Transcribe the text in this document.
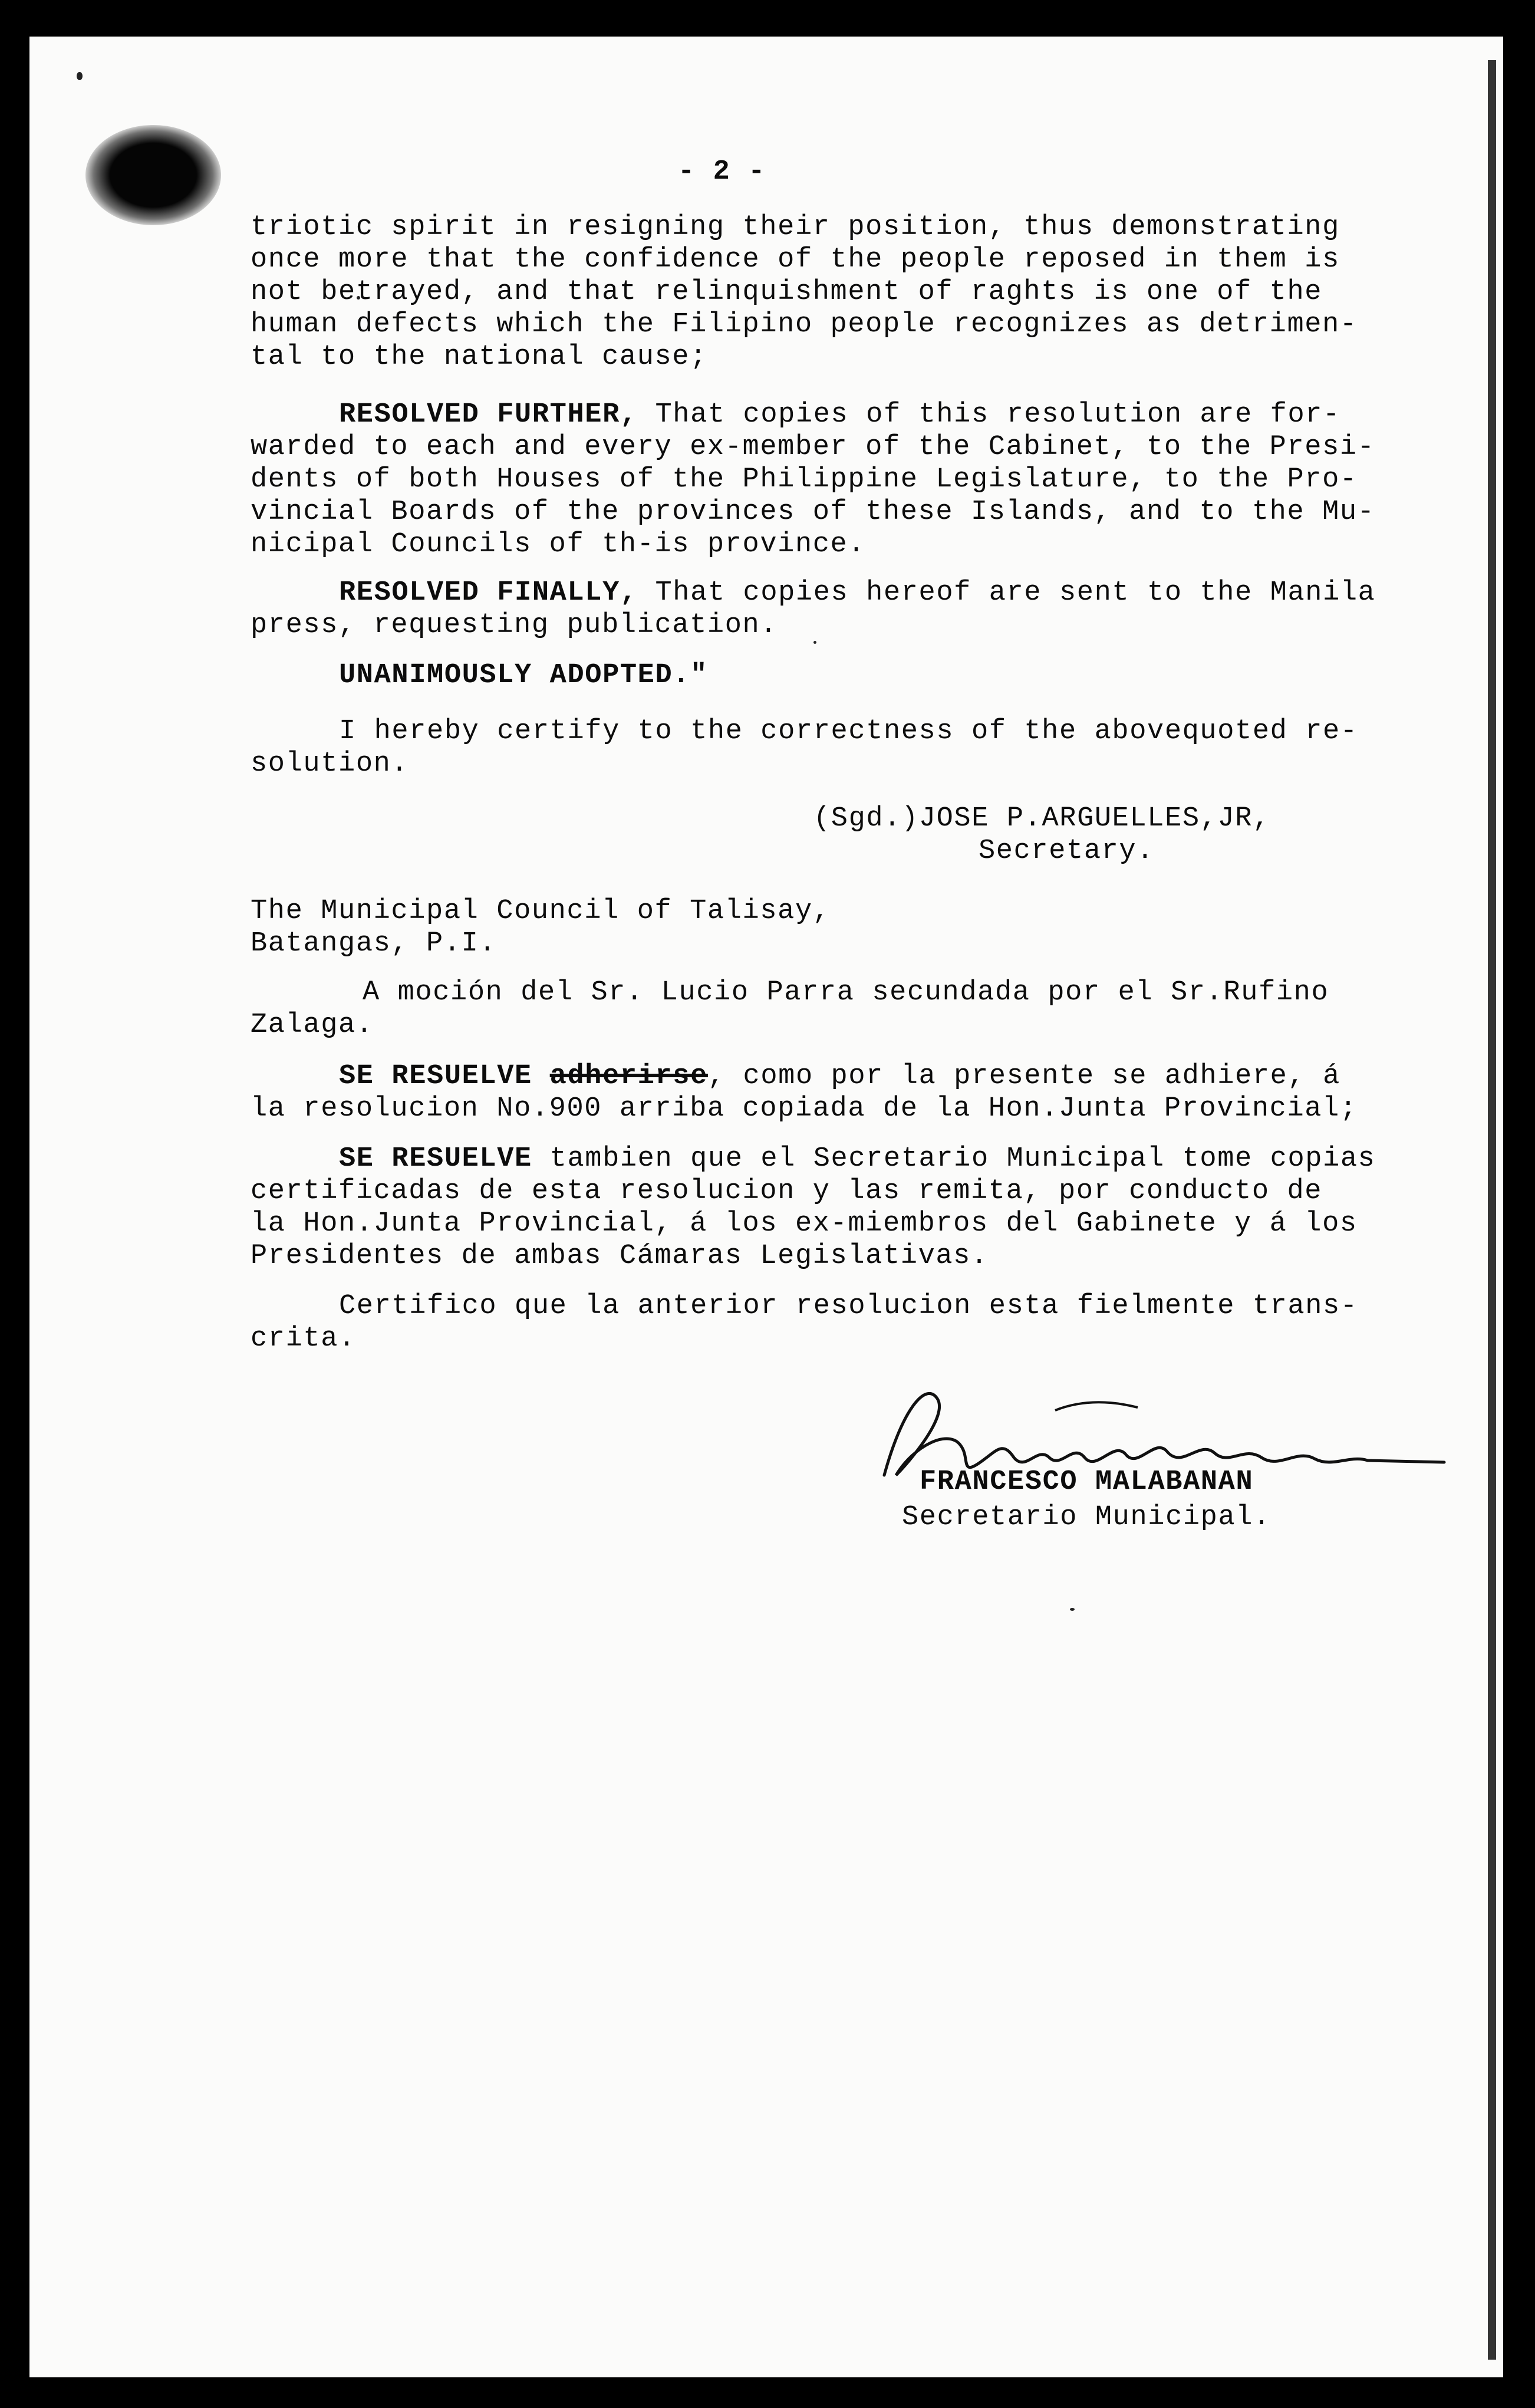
- 2 -
triotic spirit in resigning their position, thus demonstrating
once more that the confidence of the people reposed in them is
not betrayed, and that relinquishment of raghts is one of the
human defects which the Filipino people recognizes as detrimen-
tal to the national cause;
RESOLVED FURTHER, That copies of this resolution are for-
warded to each and every ex-member of the Cabinet, to the Presi-
dents of both Houses of the Philippine Legislature, to the Pro-
vincial Boards of the provinces of these Islands, and to the Mu-
nicipal Councils of th-is province.
RESOLVED FINALLY, That copies hereof are sent to the Manila
press, requesting publication.
UNANIMOUSLY ADOPTED."
I hereby certify to the correctness of the abovequoted re-
solution.
(Sgd.)JOSE P.ARGUELLES,JR,
Secretary.
The Municipal Council of Talisay,
Batangas, P.I.
A moción del Sr. Lucio Parra secundada por el Sr.Rufino
Zalaga.
SE RESUELVE adherirse, como por la presente se adhiere, á
la resolucion No.900 arriba copiada de la Hon.Junta Provincial;
SE RESUELVE tambien que el Secretario Municipal tome copias
certificadas de esta resolucion y las remita, por conducto de
la Hon.Junta Provincial, á los ex-miembros del Gabinete y á los
Presidentes de ambas Cámaras Legislativas.
Certifico que la anterior resolucion esta fielmente trans-
crita.
FRANCESCO MALABANAN
Secretario Municipal.
